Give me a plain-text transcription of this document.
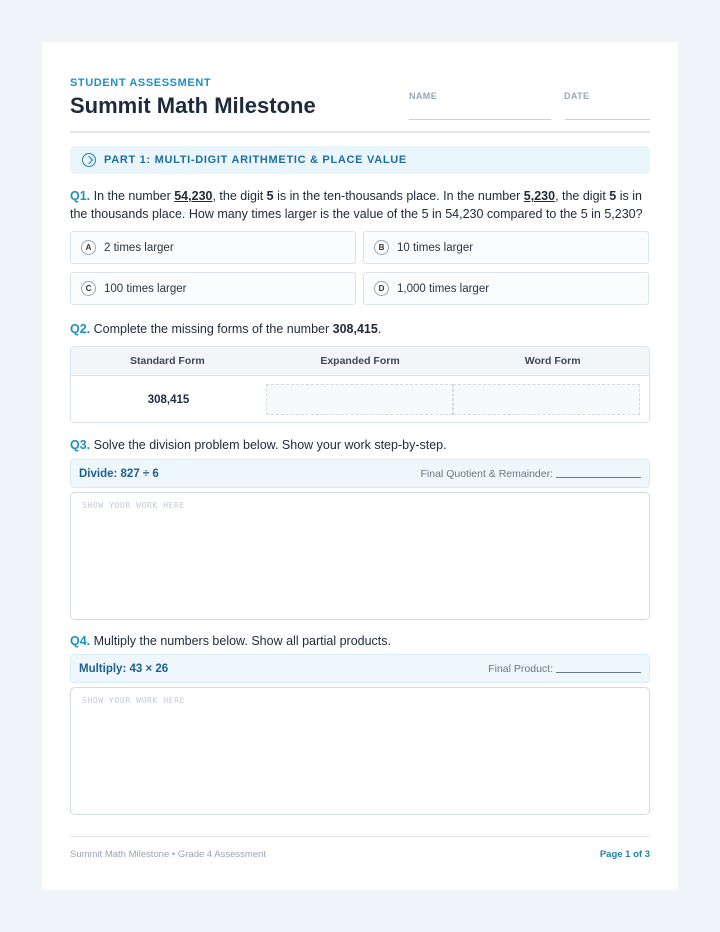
STUDENT ASSESSMENT
Summit Math Milestone	NAME	DATE
PART 1: MULTI-DIGIT ARITHMETIC & PLACE VALUE
Q1. In the number 54,230, the digit 5 is in the ten-thousands place. In the number 5,230, the digit 5 is in the thousands place. How many times larger is the value of the 5 in 54,230 compared to the 5 in 5,230?
A	2 times larger	B	10 times larger
C	100 times larger	D	1,000 times larger
Q2. Complete the missing forms of the number 308,415.
Standard Form	Expanded Form	Word Form
308,415
Q3. Solve the division problem below. Show your work step-by-step.
Divide: 827 ÷ 6	Final Quotient & Remainder:
SHOW YOUR WORK HERE
Q4. Multiply the numbers below. Show all partial products.
Multiply: 43 × 26	Final Product:
SHOW YOUR WORK HERE
Summit Math Milestone • Grade 4 Assessment	Page 1 of 3
